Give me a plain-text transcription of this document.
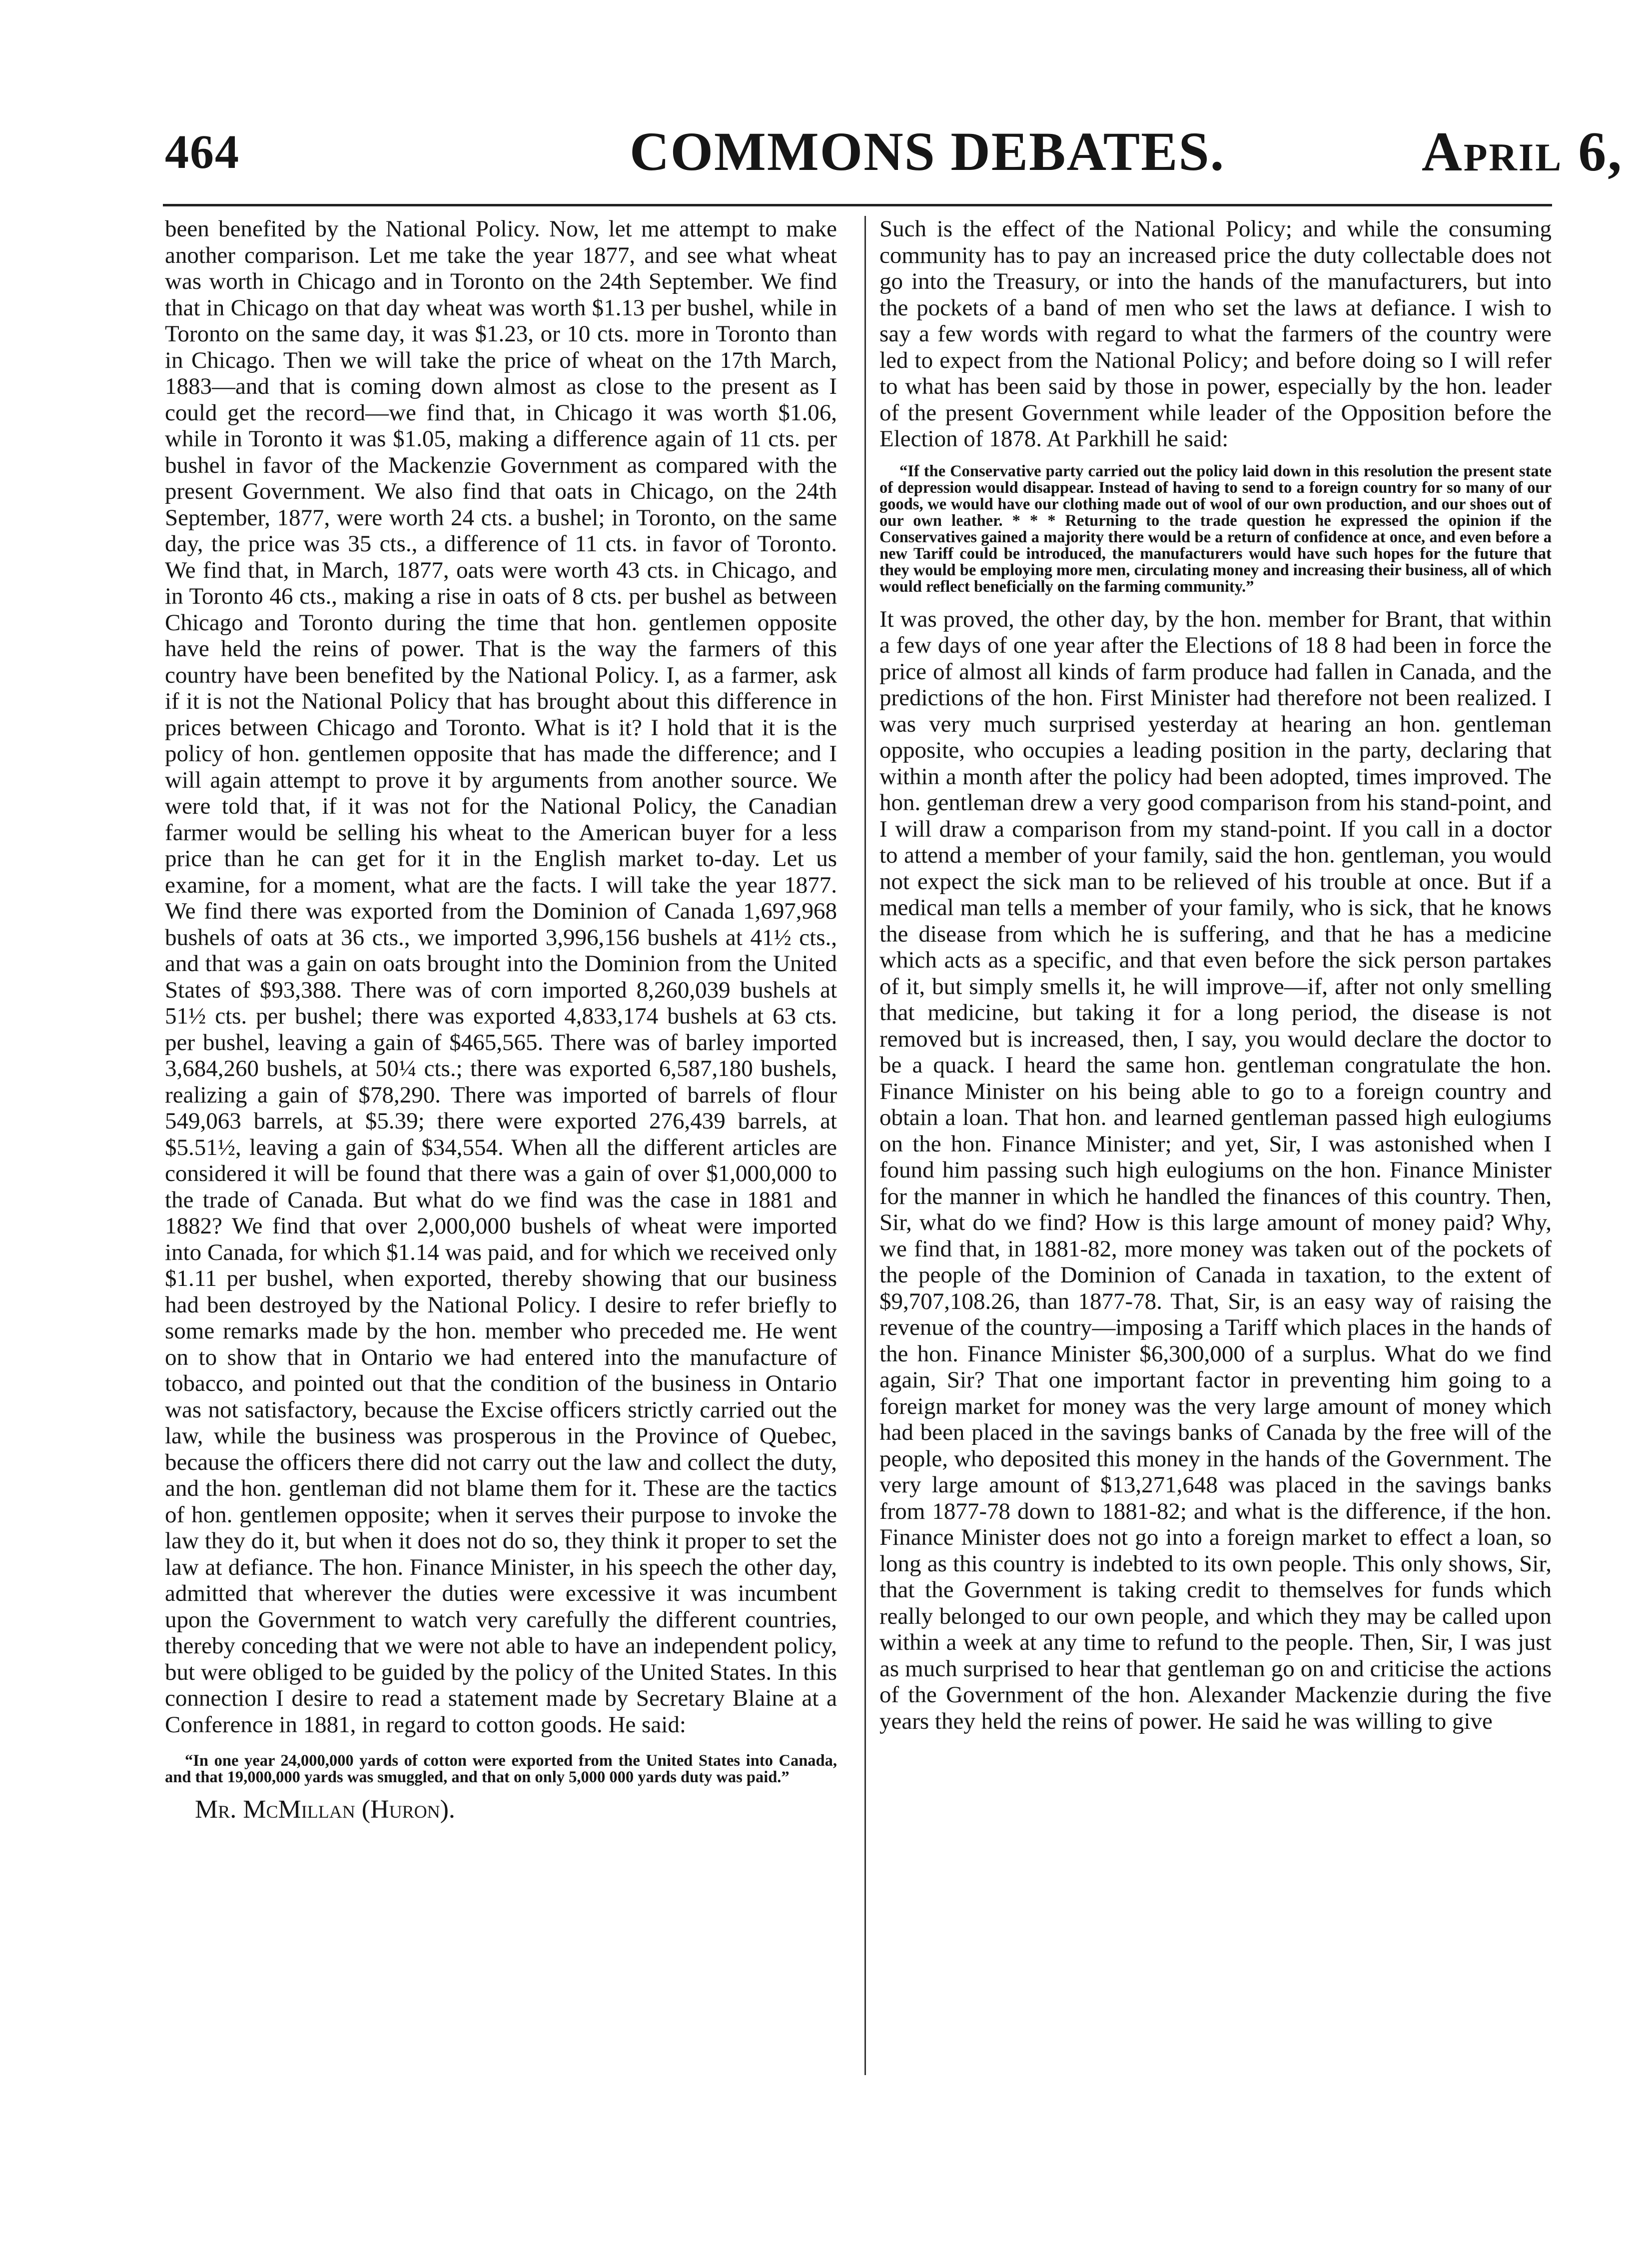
464	COMMONS DEBATES.	April 6,

been benefited by the National Policy. Now, let me attempt to make another comparison. Let me take the year 1877, and see what wheat was worth in Chicago and in Toronto on the 24th September. We find that in Chicago on that day wheat was worth $1.13 per bushel, while in Toronto on the same day, it was $1.23, or 10 cts. more in Toronto than in Chicago. Then we will take the price of wheat on the 17th March, 1883—and that is coming down almost as close to the present as I could get the record—we find that, in Chicago it was worth $1.06, while in Toronto it was $1.05, making a difference again of 11 cts. per bushel in favor of the Mackenzie Government as compared with the present Government. We also find that oats in Chicago, on the 24th September, 1877, were worth 24 cts. a bushel; in Toronto, on the same day, the price was 35 cts., a difference of 11 cts. in favor of Toronto. We find that, in March, 1877, oats were worth 43 cts. in Chicago, and in Toronto 46 cts., making a rise in oats of 8 cts. per bushel as between Chicago and Toronto during the time that hon. gentlemen opposite have held the reins of power. That is the way the farmers of this country have been benefited by the National Policy. I, as a farmer, ask if it is not the National Policy that has brought about this difference in prices between Chicago and Toronto. What is it? I hold that it is the policy of hon. gentlemen opposite that has made the difference; and I will again attempt to prove it by arguments from another source. We were told that, if it was not for the National Policy, the Canadian farmer would be selling his wheat to the American buyer for a less price than he can get for it in the English market to-day. Let us examine, for a moment, what are the facts. I will take the year 1877. We find there was exported from the Dominion of Canada 1,697,968 bushels of oats at 36 cts., we imported 3,996,156 bushels at 41½ cts., and that was a gain on oats brought into the Dominion from the United States of $93,388. There was of corn imported 8,260,039 bushels at 51½ cts. per bushel; there was exported 4,833,174 bushels at 63 cts. per bushel, leaving a gain of $465,565. There was of barley imported 3,684,260 bushels, at 50¼ cts.; there was exported 6,587,180 bushels, realizing a gain of $78,290. There was imported of barrels of flour 549,063 barrels, at $5.39; there were exported 276,439 barrels, at $5.51½, leaving a gain of $34,554. When all the different articles are considered it will be found that there was a gain of over $1,000,000 to the trade of Canada. But what do we find was the case in 1881 and 1882? We find that over 2,000,000 bushels of wheat were imported into Canada, for which $1.14 was paid, and for which we received only $1.11 per bushel, when exported, thereby showing that our business had been destroyed by the National Policy. I desire to refer briefly to some remarks made by the hon. member who preceded me. He went on to show that in Ontario we had entered into the manufacture of tobacco, and pointed out that the condition of the business in Ontario was not satisfactory, because the Excise officers strictly carried out the law, while the business was prosperous in the Province of Quebec, because the officers there did not carry out the law and collect the duty, and the hon. gentleman did not blame them for it. These are the tactics of hon. gentlemen opposite; when it serves their purpose to invoke the law they do it, but when it does not do so, they think it proper to set the law at defiance. The hon. Finance Minister, in his speech the other day, admitted that wherever the duties were excessive it was incumbent upon the Government to watch very carefully the different countries, thereby conceding that we were not able to have an independent policy, but were obliged to be guided by the policy of the United States. In this connection I desire to read a statement made by Secretary Blaine at a Conference in 1881, in regard to cotton goods. He said:

“In one year 24,000,000 yards of cotton were exported from the United States into Canada, and that 19,000,000 yards was smuggled, and that on only 5,000 000 yards duty was paid.”

Mr. McMillan (Huron).

Such is the effect of the National Policy; and while the consuming community has to pay an increased price the duty collectable does not go into the Treasury, or into the hands of the manufacturers, but into the pockets of a band of men who set the laws at defiance. I wish to say a few words with regard to what the farmers of the country were led to expect from the National Policy; and before doing so I will refer to what has been said by those in power, especially by the hon. leader of the present Government while leader of the Opposition before the Election of 1878. At Parkhill he said:

“If the Conservative party carried out the policy laid down in this resolution the present state of depression would disappear. Instead of having to send to a foreign country for so many of our goods, we would have our clothing made out of wool of our own production, and our shoes out of our own leather. * * * Returning to the trade question he expressed the opinion if the Conservatives gained a majority there would be a return of confidence at once, and even before a new Tariff could be introduced, the manufacturers would have such hopes for the future that they would be employing more men, circulating money and increasing their business, all of which would reflect beneficially on the farming community.”

It was proved, the other day, by the hon. member for Brant, that within a few days of one year after the Elections of 18 8 had been in force the price of almost all kinds of farm produce had fallen in Canada, and the predictions of the hon. First Minister had therefore not been realized. I was very much surprised yesterday at hearing an hon. gentleman opposite, who occupies a leading position in the party, declaring that within a month after the policy had been adopted, times improved. The hon. gentleman drew a very good comparison from his stand-point, and I will draw a comparison from my stand-point. If you call in a doctor to attend a member of your family, said the hon. gentleman, you would not expect the sick man to be relieved of his trouble at once. But if a medical man tells a member of your family, who is sick, that he knows the disease from which he is suffering, and that he has a medicine which acts as a specific, and that even before the sick person partakes of it, but simply smells it, he will improve—if, after not only smelling that medicine, but taking it for a long period, the disease is not removed but is increased, then, I say, you would declare the doctor to be a quack. I heard the same hon. gentleman congratulate the hon. Finance Minister on his being able to go to a foreign country and obtain a loan. That hon. and learned gentleman passed high eulogiums on the hon. Finance Minister; and yet, Sir, I was astonished when I found him passing such high eulogiums on the hon. Finance Minister for the manner in which he handled the finances of this country. Then, Sir, what do we find? How is this large amount of money paid? Why, we find that, in 1881-82, more money was taken out of the pockets of the people of the Dominion of Canada in taxation, to the extent of $9,707,108.26, than 1877-78. That, Sir, is an easy way of raising the revenue of the country—imposing a Tariff which places in the hands of the hon. Finance Minister $6,300,000 of a surplus. What do we find again, Sir? That one important factor in preventing him going to a foreign market for money was the very large amount of money which had been placed in the savings banks of Canada by the free will of the people, who deposited this money in the hands of the Government. The very large amount of $13,271,648 was placed in the savings banks from 1877-78 down to 1881-82; and what is the difference, if the hon. Finance Minister does not go into a foreign market to effect a loan, so long as this country is indebted to its own people. This only shows, Sir, that the Government is taking credit to themselves for funds which really belonged to our own people, and which they may be called upon within a week at any time to refund to the people. Then, Sir, I was just as much surprised to hear that gentleman go on and criticise the actions of the Government of the hon. Alexander Mackenzie during the five years they held the reins of power. He said he was willing to give
